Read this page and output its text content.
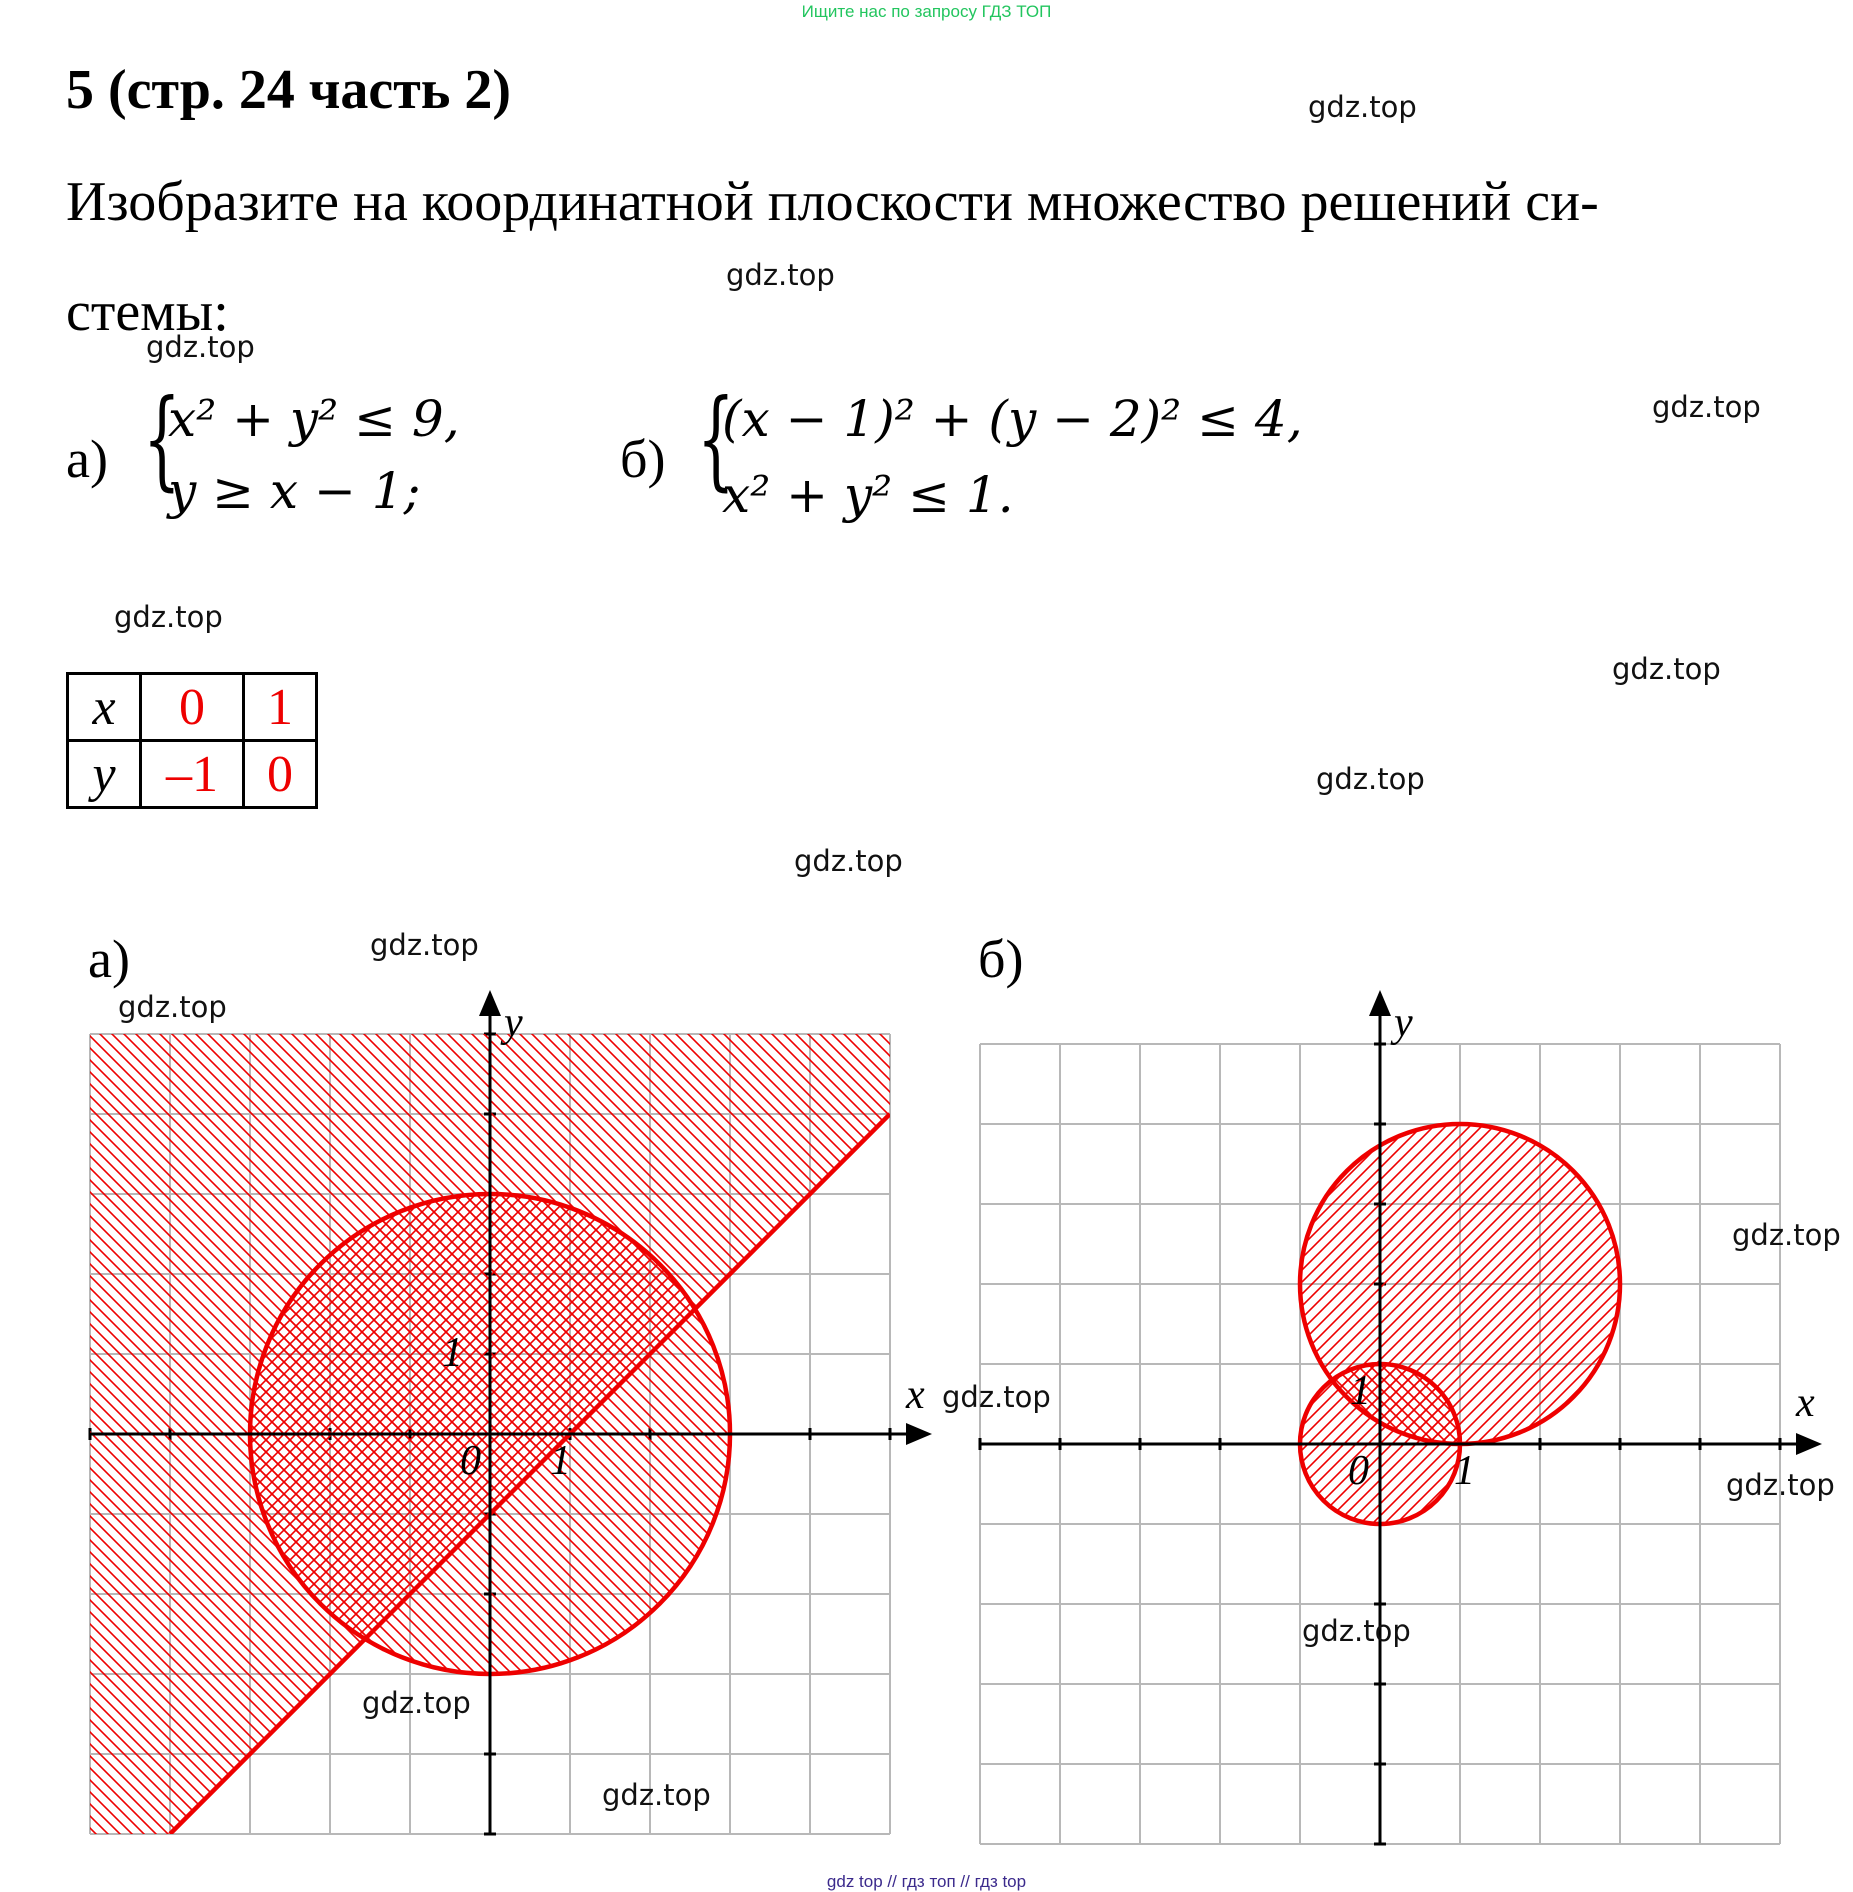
Ищите нас по запросу ГДЗ ТОП
5 (стр. 24 часть 2)
Изобразите на координатной плоскости множество решений си-
стемы:
а) {
x² + y² ≤ 9,
y ≥ x − 1;
б) {
(x − 1)² + (y − 2)² ≤ 4,
x² + y² ≤ 1.
x	0	1
y	–1	0
а)	б)
x
y
0 1
1
x
y
0 1
1
gdz.top
gdz.top
gdz.top
gdz.top
gdz.top
gdz.top
gdz.top
gdz.top
gdz.top
gdz.top
gdz.top
gdz.top
gdz.top
gdz.top
gdz.top
gdz.top
gdz top // гдз топ // гдз top
